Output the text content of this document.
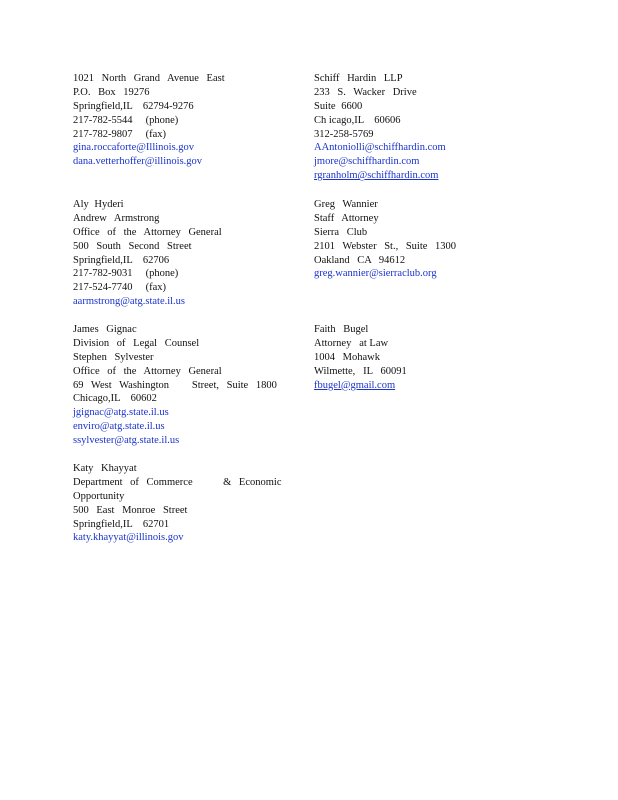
1021 North Grand Avenue East
P.O. Box 19276
Springfield,IL    62794-9276
217-782-5544     (phone)
217-782-9807     (fax)
gina.roccaforte@Illinois.gov
dana.vetterhoffer@illinois.gov
Schiff Hardin LLP
233 S. Wacker Drive
Suite 6600
Ch icago,IL    60606
312-258-5769
AAntoniolli@schiffhardin.com
jmore@schiffhardin.com
rgranholm@schiffhardin.com
Aly Hyderi
Andrew Armstrong
Office of the Attorney General
500 South Second Street
Springfield,IL    62706
217-782-9031     (phone)
217-524-7740     (fax)
aarmstrong@atg.state.il.us
Greg Wannier
Staff Attorney
Sierra Club
2101 Webster St., Suite 1300
Oakland CA 94612
greg.wannier@sierraclub.org
James Gignac
Division of Legal Counsel
Stephen Sylvester
Office of the Attorney General
69 West Washington   Street, Suite 1800
Chicago,IL    60602
jgignac@atg.state.il.us
enviro@atg.state.il.us
ssylvester@atg.state.il.us
Faith Bugel
Attorney   at Law
1004 Mohawk
Wilmette,   IL   60091
fbugel@gmail.com
Katy Khayyat
Department of Commerce    & Economic
Opportunity
500 East Monroe Street
Springfield,IL    62701
katy.khayyat@illinois.gov
